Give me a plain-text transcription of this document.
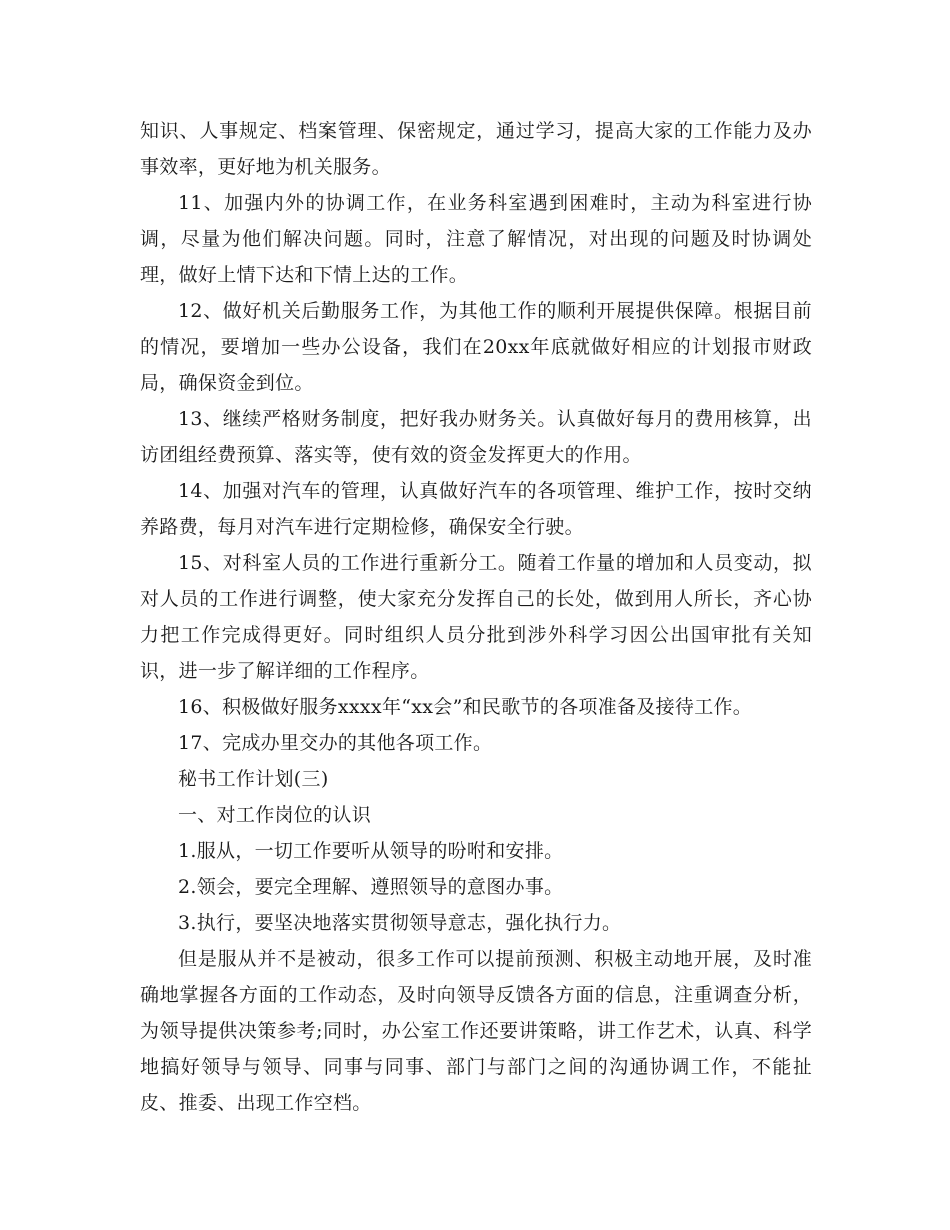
知识、人事规定、档案管理、保密规定，通过学习，提高大家的工作能力及办事效率，更好地为机关服务。

11、加强内外的协调工作，在业务科室遇到困难时，主动为科室进行协调，尽量为他们解决问题。同时，注意了解情况，对出现的问题及时协调处理，做好上情下达和下情上达的工作。

12、做好机关后勤服务工作，为其他工作的顺利开展提供保障。根据目前的情况，要增加一些办公设备，我们在20xx年底就做好相应的计划报市财政局，确保资金到位。

13、继续严格财务制度，把好我办财务关。认真做好每月的费用核算，出访团组经费预算、落实等，使有效的资金发挥更大的作用。

14、加强对汽车的管理，认真做好汽车的各项管理、维护工作，按时交纳养路费，每月对汽车进行定期检修，确保安全行驶。

15、对科室人员的工作进行重新分工。随着工作量的增加和人员变动，拟对人员的工作进行调整，使大家充分发挥自己的长处，做到用人所长，齐心协力把工作完成得更好。同时组织人员分批到涉外科学习因公出国审批有关知识，进一步了解详细的工作程序。

16、积极做好服务xxxx年“xx会”和民歌节的各项准备及接待工作。

17、完成办里交办的其他各项工作。

秘书工作计划(三)

一、对工作岗位的认识

1.服从，一切工作要听从领导的吩咐和安排。

2.领会，要完全理解、遵照领导的意图办事。

3.执行，要坚决地落实贯彻领导意志，强化执行力。

但是服从并不是被动，很多工作可以提前预测、积极主动地开展，及时准确地掌握各方面的工作动态，及时向领导反馈各方面的信息，注重调查分析，为领导提供决策参考;同时，办公室工作还要讲策略，讲工作艺术，认真、科学地搞好领导与领导、同事与同事、部门与部门之间的沟通协调工作，不能扯皮、推委、出现工作空档。
